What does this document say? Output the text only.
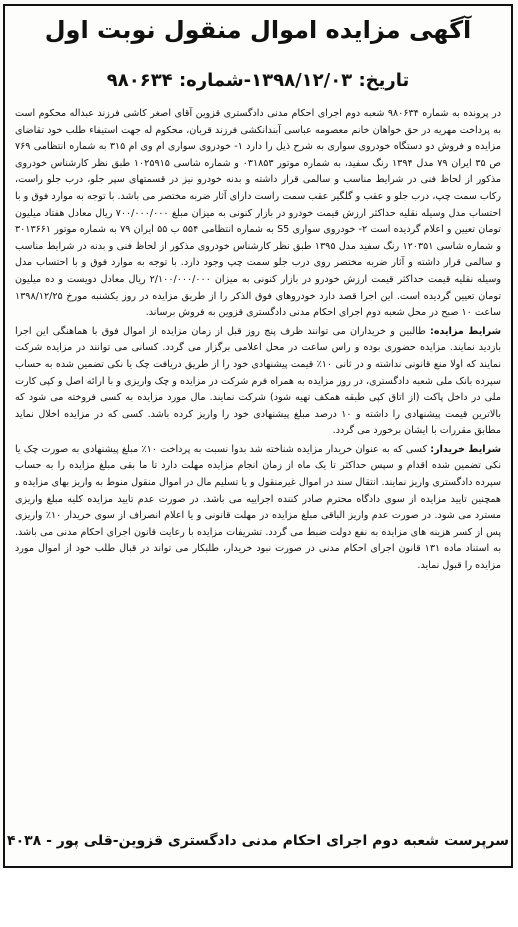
آگهی مزایده اموال منقول نوبت اول
تاریخ: ۱۳۹۸/۱۲/۰۳-شماره: ۹۸۰۶۳۴

در پرونده به شماره ۹۸۰۶۳۴ شعبه دوم اجرای احکام مدنی دادگستری قزوین آقای اصغر کاشی فرزند عبداله محکوم است به پرداخت مهریه در حق خواهان خانم معصومه عباسی آبندانکشی فرزند قربان، محکوم له جهت استیفاء طلب خود تقاضای مزایده و فروش دو دستگاه خودروی سواری به شرح ذیل را دارد ۱- خودروی سواری ام وی ام ۳۱۵ به شماره انتظامی ۷۶۹ ص ۳۵ ایران ۷۹ مدل ۱۳۹۴ رنگ سفید، به شماره موتور ۰۳۱۸۵۳ و شماره شاسی ۱۰۲۵۹۱۵ طبق نظر کارشناس خودروی مذکور از لحاظ فنی در شرایط مناسب و سالمی قرار داشته و بدنه خودرو نیز در قسمتهای سپر جلو، درب جلو راست، رکاب سمت چپ، درب جلو و عقب و گلگیر عقب سمت راست دارای آثار ضربه مختصر می باشد. با توجه به موارد فوق و با احتساب مدل وسیله نقلیه حداکثر ارزش قیمت خودرو در بازار کنونی به میزان مبلغ ۷۰۰/۰۰۰/۰۰۰ ریال معادل هفتاد میلیون تومان تعیین و اعلام گردیده است ۲- خودروی سواری S5 به شماره انتظامی ۵۵۴ ب ۵۵ ایران ۷۹ به شماره موتور ۳۰۱۳۶۶۱ و شماره شاسی ۱۲۰۳۵۱ رنگ سفید مدل ۱۳۹۵ طبق نظر کارشناس خودروی مذکور از لحاظ فنی و بدنه در شرایط مناسب و سالمی قرار داشته و آثار ضربه مختصر روی درب جلو سمت چپ وجود دارد. با توجه به موارد فوق و با احتساب مدل وسیله نقلیه قیمت حداکثر قیمت ارزش خودرو در بازار کنونی به میزان ۲/۱۰۰/۰۰۰/۰۰۰ ریال معادل دویست و ده میلیون تومان تعیین گردیده است. این اجرا قصد دارد خودروهای فوق الذکر را از طریق مزایده در روز یکشنبه مورخ ۱۳۹۸/۱۲/۲۵ ساعت ۱۰ صبح در محل شعبه دوم اجرای احکام مدنی دادگستری قزوین به فروش برساند.

شرایط مزایده: طالبین و خریداران می توانند ظرف پنج روز قبل از زمان مزایده از اموال فوق با هماهنگی این اجرا بازدید نمایند. مزایده حضوری بوده و راس ساعت در محل اعلامی برگزار می گردد. کسانی می توانند در مزایده شرکت نمایند که اولا منع قانونی نداشته و در ثانی ۱۰٪ قیمت پیشنهادی خود را از طریق دریافت چک یا نکی تضمین شده به حساب سپرده بانک ملی شعبه دادگستری، در روز مزایده به همراه فرم شرکت در مزایده و چک واریزی و با ارائه اصل و کپی کارت ملی در داخل پاکت (از اتاق کپی طبقه همکف تهیه شود) شرکت نمایند. مال مورد مزایده به کسی فروخته می شود که بالاترین قیمت پیشنهادی را داشته و ۱۰ درصد مبلغ پیشنهادی خود را واریز کرده باشد. کسی که در مزایده اخلال نماید مطابق مقررات با ایشان برخورد می گردد.

شرایط خریدار: کسی که به عنوان خریدار مزایده شناخته شد بدوا نسبت به پرداخت ۱۰٪ مبلغ پیشنهادی به صورت چک یا نکی تضمین شده اقدام و سپس حداکثر تا یک ماه از زمان انجام مزایده مهلت دارد تا ما بقی مبلغ مزایده را به حساب سپرده دادگستری واریز نمایند. انتقال سند در اموال غیرمنقول و یا تسلیم مال در اموال منقول منوط به واریز بهای مزایده و همچنین تایید مزایده از سوی دادگاه محترم صادر کننده اجراییه می باشد. در صورت عدم تایید مزایده کلیه مبلغ واریزی مسترد می شود. در صورت عدم واریز الباقی مبلغ مزایده در مهلت قانونی و یا اعلام انصراف از سوی خریدار ۱۰٪ واریزی پس از کسر هزینه های مزایده به نفع دولت ضبط می گردد. تشریفات مزایده با رعایت قانون اجرای احکام مدنی می باشد. به استناد ماده ۱۳۱ قانون اجرای احکام مدنی در صورت نبود خریدار، طلبکار می تواند در قبال طلب خود از اموال مورد مزایده را قبول نماید.

سرپرست شعبه دوم اجرای احکام مدنی دادگستری قزوین-قلی پور - ۴۰۳۸
